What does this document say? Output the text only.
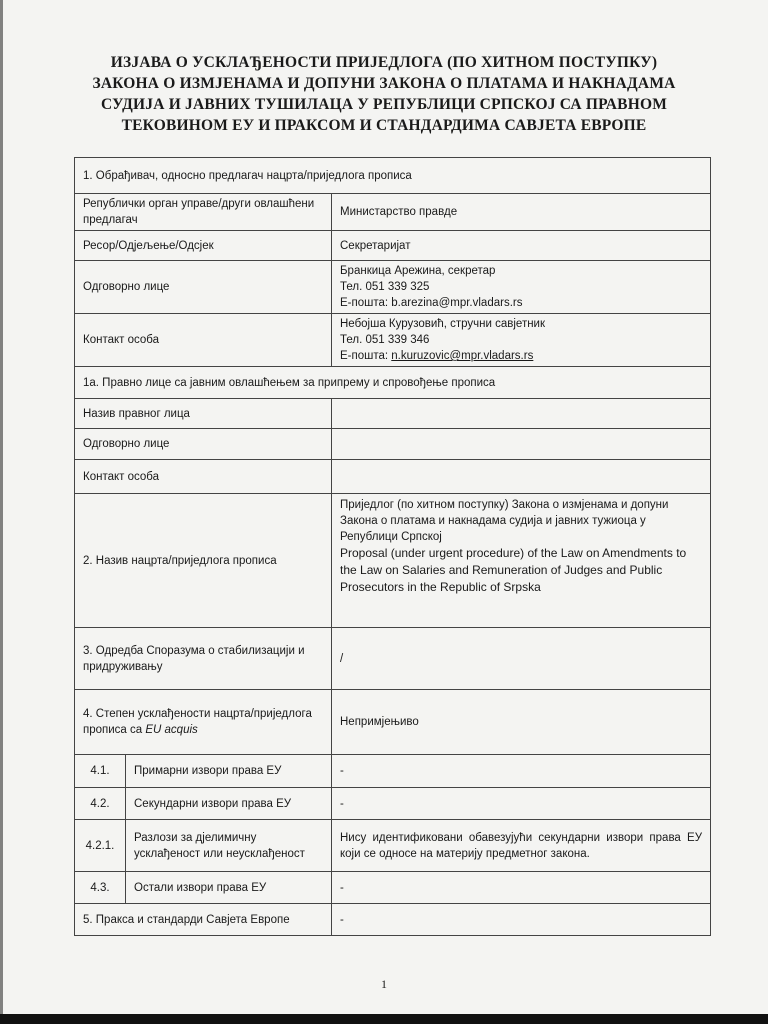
ИЗЈАВА О УСКЛАЂЕНОСТИ ПРИЈЕДЛОГА (ПО ХИТНОМ ПОСТУПКУ)
ЗАКОНА О ИЗМЈЕНАМА И ДОПУНИ ЗАКОНА О ПЛАТАМА И НАКНАДАМА
СУДИЈА И ЈАВНИХ ТУШИЛАЦА У РЕПУБЛИЦИ СРПСКОЈ СА ПРАВНОМ
ТЕКОВИНОМ ЕУ И ПРАКСОМ И СТАНДАРДИМА САВЈЕТА ЕВРОПЕ
1. Обрађивач, односно предлагач нацрта/приједлога прописа		
Републички орган управе/други овлашћени предлагач		Министарство правде
Ресор/Одјељење/Одсјек		Секретаријат
Одговорно лице		Бранкица Арежина, секретар
Тел. 051 339 325
Е-пошта: b.arezina@mpr.vladars.rs

Контакт особа		Небојша Курузовић, стручни савјетник
Тел. 051 339 346
Е-пошта: n.kuruzovic@mpr.vladars.rs

1а. Правно лице са јавним овлашћењем за припрему и спровођење прописа		
Назив правног лица		
Одговорно лице		
Контакт особа		
2. Назив нацрта/приједлога прописа		Приједлог (по хитном поступку) Закона о измјенама и допуни Закона о платама и накнадама судија и јавних тужиоца у Републици Српској
Proposal (under urgent procedure) of the Law on Amendments to the Law on Salaries and Remuneration of Judges and Public Prosecutors in the Republic of Srpska

3. Одредба Споразума о стабилизацији и придруживању		/
4. Степен усклађености нацрта/приједлога прописа са EU acquis		Непримјењиво
4.1.	Примарни извори права ЕУ	-
4.2.	Секундарни извори права ЕУ	-
4.2.1.	Разлози за дјелимичну усклађеност или неусклађеност	Нису идентификовани обавезујући секундарни извори права ЕУ који се односе на материју предметног закона.
4.3.	Остали извори права ЕУ	-
5. Пракса и стандарди Савјета Европе		-
1
